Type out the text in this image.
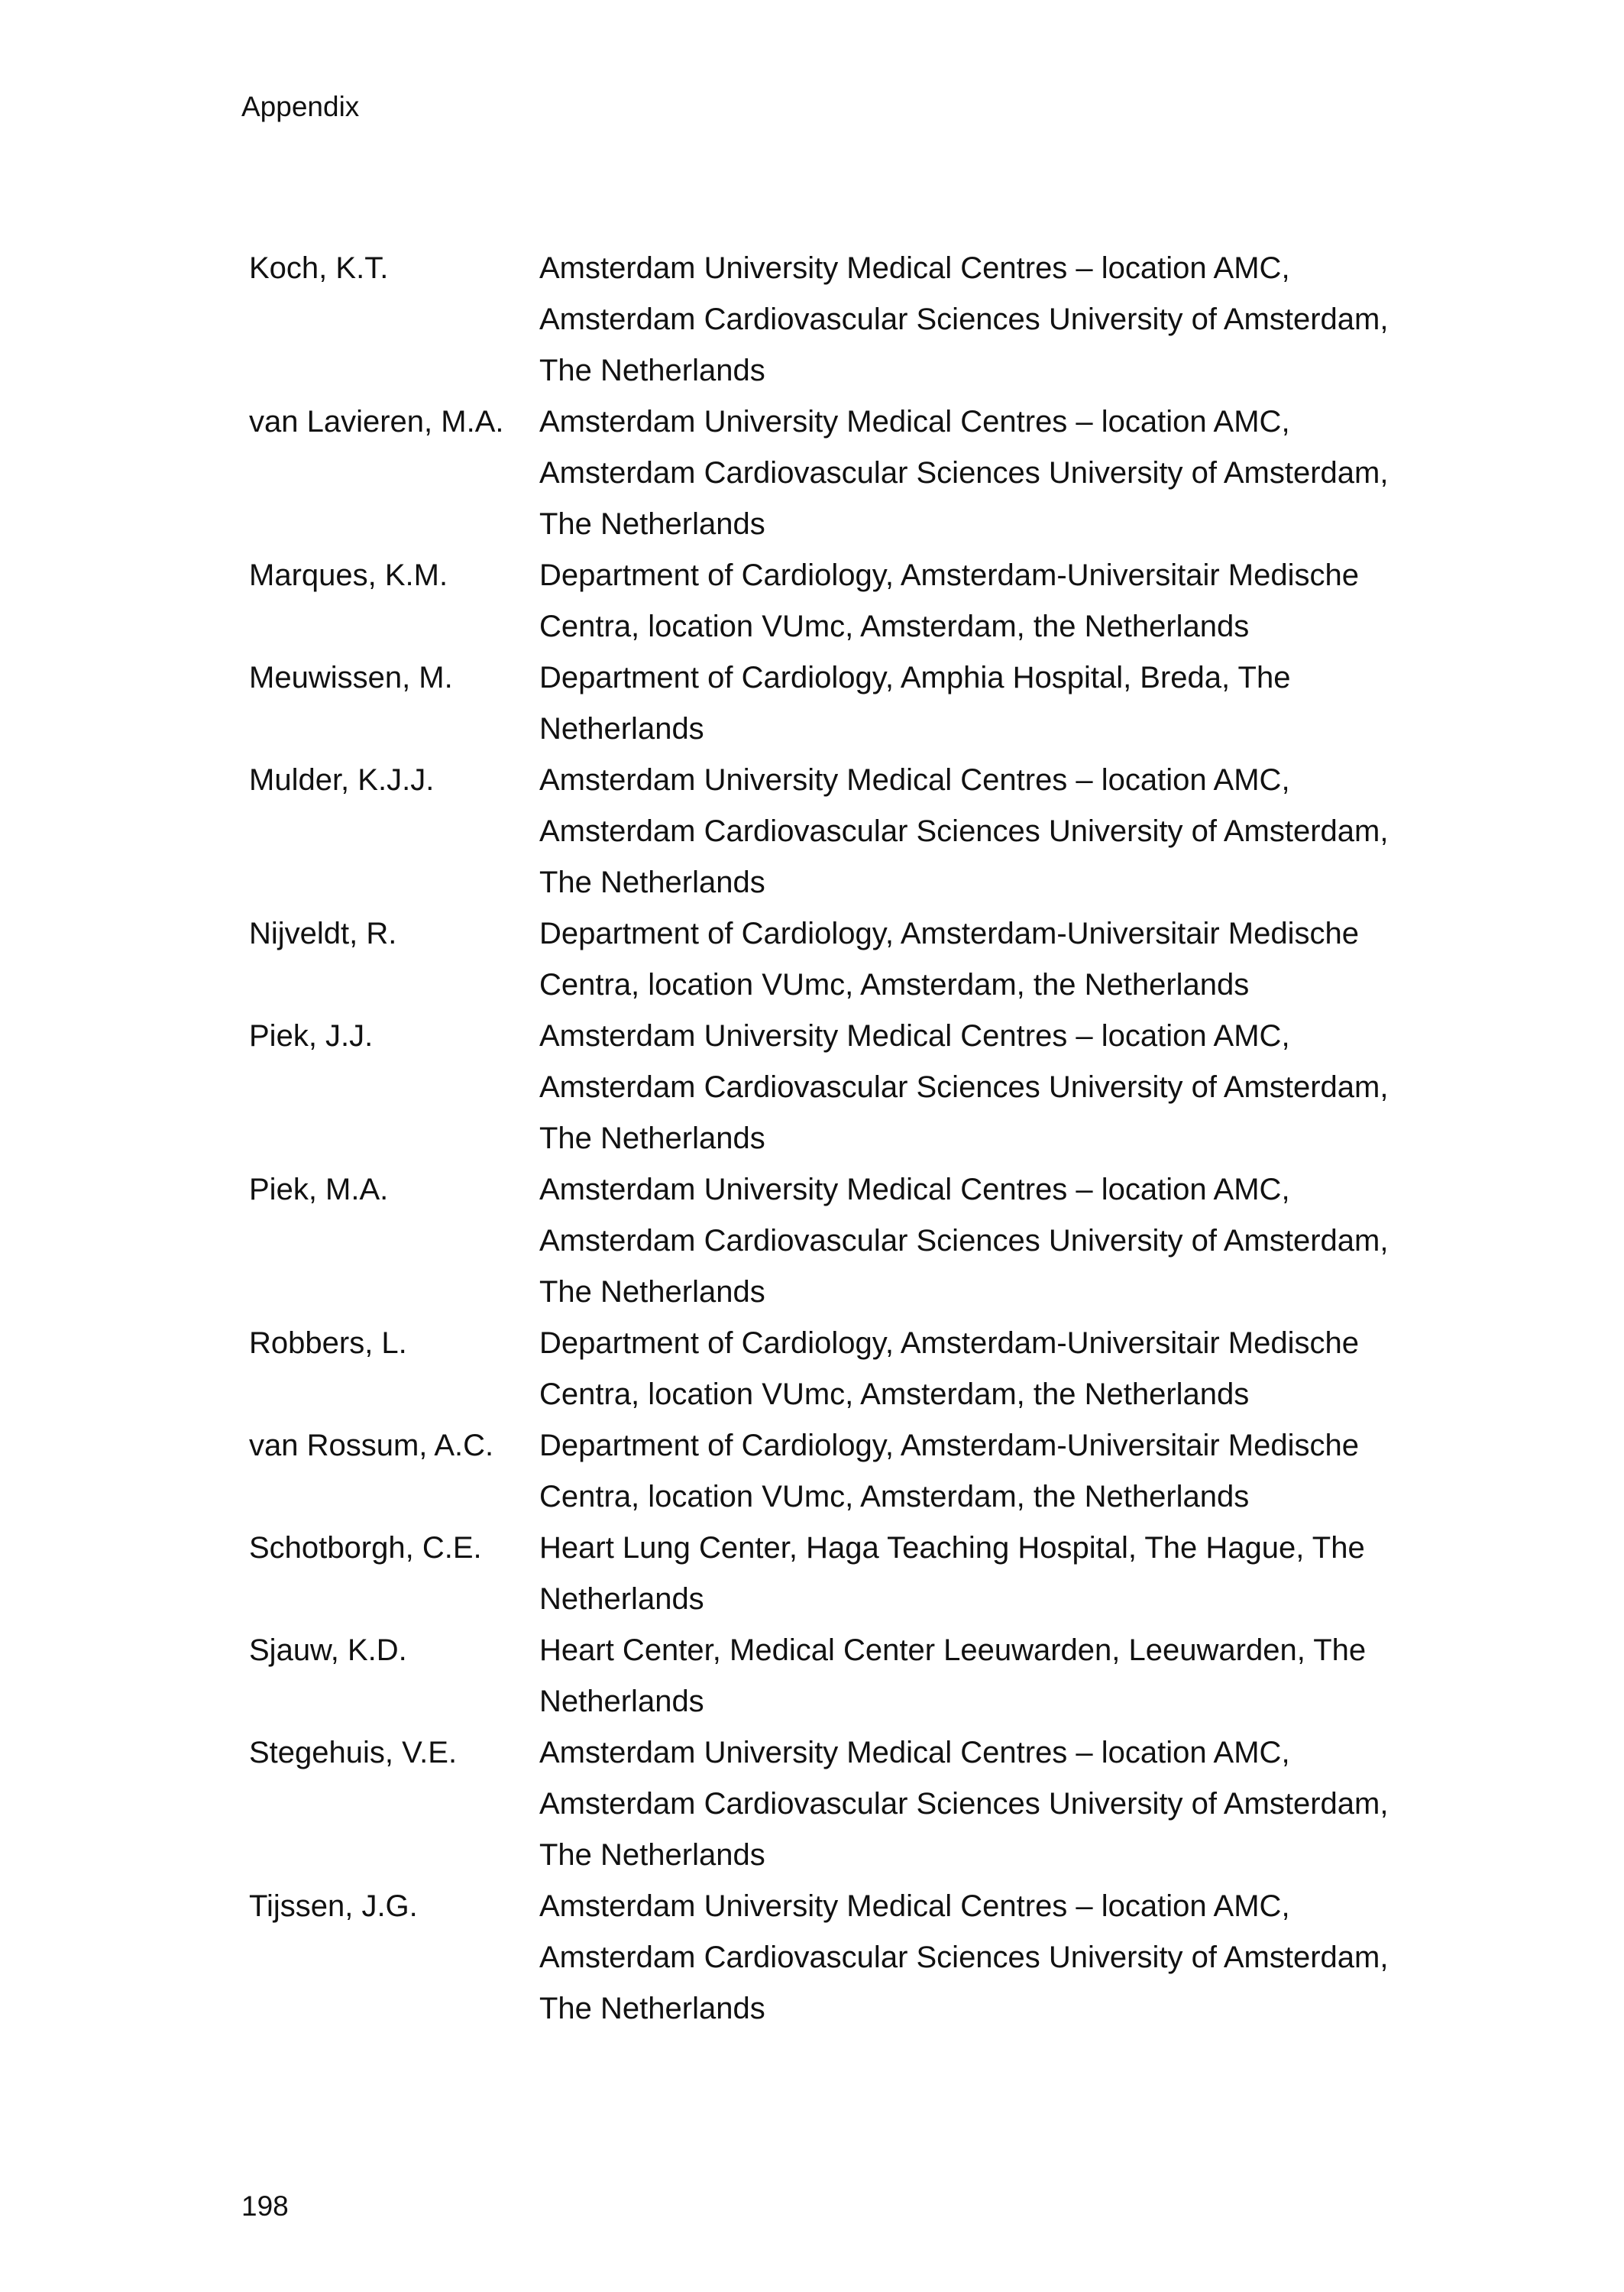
Appendix
Koch, K.T.	Amsterdam University Medical Centres – location AMC,
Amsterdam Cardiovascular Sciences University of Amsterdam,
The Netherlands
van Lavieren, M.A.	Amsterdam University Medical Centres – location AMC,
Amsterdam Cardiovascular Sciences University of Amsterdam,
The Netherlands
Marques, K.M.	Department of Cardiology, Amsterdam-Universitair Medische
Centra, location VUmc, Amsterdam, the Netherlands
Meuwissen, M.	Department of Cardiology, Amphia Hospital, Breda, The
Netherlands
Mulder, K.J.J.	Amsterdam University Medical Centres – location AMC,
Amsterdam Cardiovascular Sciences University of Amsterdam,
The Netherlands
Nijveldt, R.	Department of Cardiology, Amsterdam-Universitair Medische
Centra, location VUmc, Amsterdam, the Netherlands
Piek, J.J.	Amsterdam University Medical Centres – location AMC,
Amsterdam Cardiovascular Sciences University of Amsterdam,
The Netherlands
Piek, M.A.	Amsterdam University Medical Centres – location AMC,
Amsterdam Cardiovascular Sciences University of Amsterdam,
The Netherlands
Robbers, L.	Department of Cardiology, Amsterdam-Universitair Medische
Centra, location VUmc, Amsterdam, the Netherlands
van Rossum, A.C.	Department of Cardiology, Amsterdam-Universitair Medische
Centra, location VUmc, Amsterdam, the Netherlands
Schotborgh, C.E.	Heart Lung Center, Haga Teaching Hospital, The Hague, The
Netherlands
Sjauw, K.D.	Heart Center, Medical Center Leeuwarden, Leeuwarden, The
Netherlands
Stegehuis, V.E.	Amsterdam University Medical Centres – location AMC,
Amsterdam Cardiovascular Sciences University of Amsterdam,
The Netherlands
Tijssen, J.G.	Amsterdam University Medical Centres – location AMC,
Amsterdam Cardiovascular Sciences University of Amsterdam,
The Netherlands
198
